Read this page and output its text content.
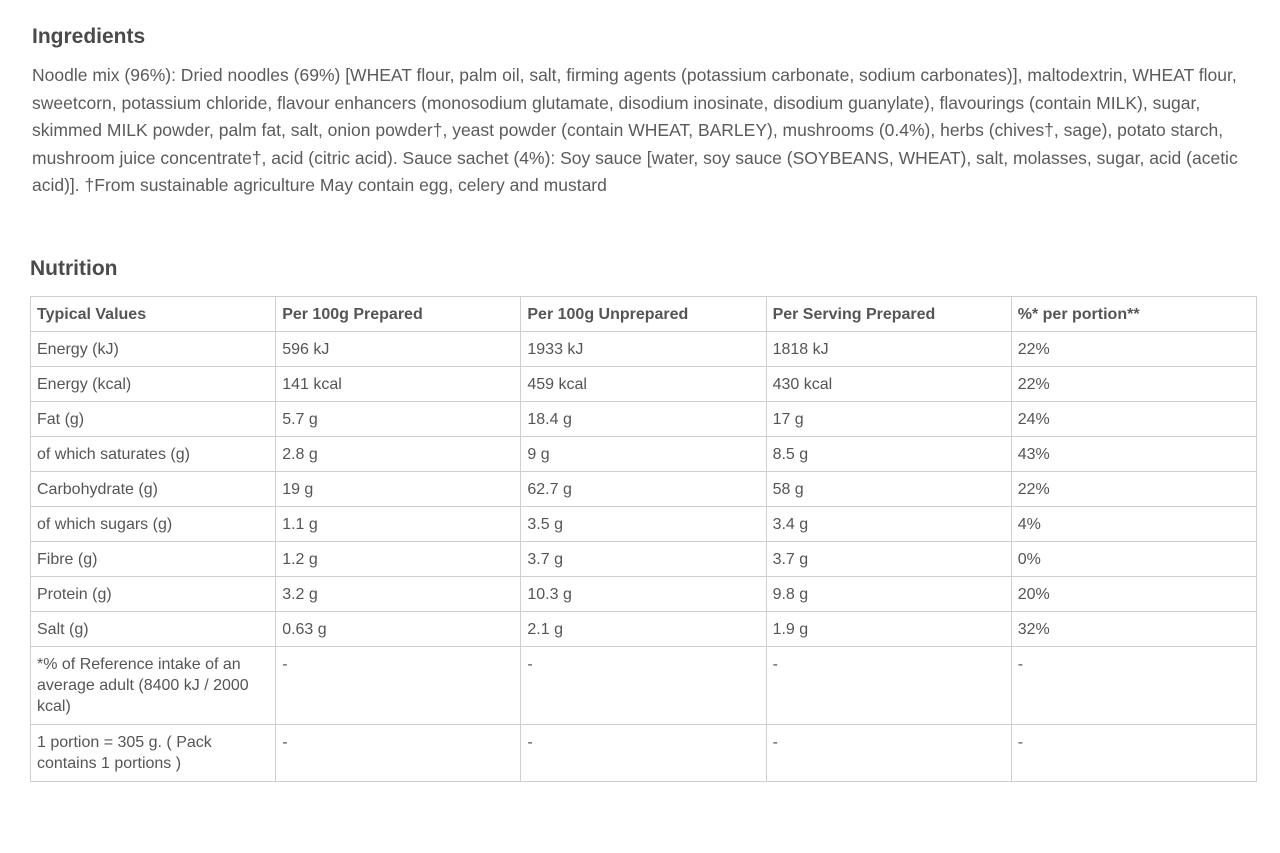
Ingredients

Noodle mix (96%): Dried noodles (69%) [WHEAT flour, palm oil, salt, firming agents (potassium carbonate, sodium carbonates)], maltodextrin, WHEAT flour, sweetcorn, potassium chloride, flavour enhancers (monosodium glutamate, disodium inosinate, disodium guanylate), flavourings (contain MILK), sugar, skimmed MILK powder, palm fat, salt, onion powder†, yeast powder (contain WHEAT, BARLEY), mushrooms (0.4%), herbs (chives†, sage), potato starch, mushroom juice concentrate†, acid (citric acid). Sauce sachet (4%): Soy sauce [water, soy sauce (SOYBEANS, WHEAT), salt, molasses, sugar, acid (acetic acid)]. †From sustainable agriculture May contain egg, celery and mustard

Nutrition
Typical Values	Per 100g Prepared	Per 100g Unprepared	Per Serving Prepared	%* per portion**
Energy (kJ)	596 kJ	1933 kJ	1818 kJ	22%
Energy (kcal)	141 kcal	459 kcal	430 kcal	22%
Fat (g)	5.7 g	18.4 g	17 g	24%
of which saturates (g)	2.8 g	9 g	8.5 g	43%
Carbohydrate (g)	19 g	62.7 g	58 g	22%
of which sugars (g)	1.1 g	3.5 g	3.4 g	4%
Fibre (g)	1.2 g	3.7 g	3.7 g	0%
Protein (g)	3.2 g	10.3 g	9.8 g	20%
Salt (g)	0.63 g	2.1 g	1.9 g	32%
*% of Reference intake of an average adult (8400 kJ / 2000 kcal)	-	-	-	-
1 portion = 305 g. ( Pack contains 1 portions )	-	-	-	-
